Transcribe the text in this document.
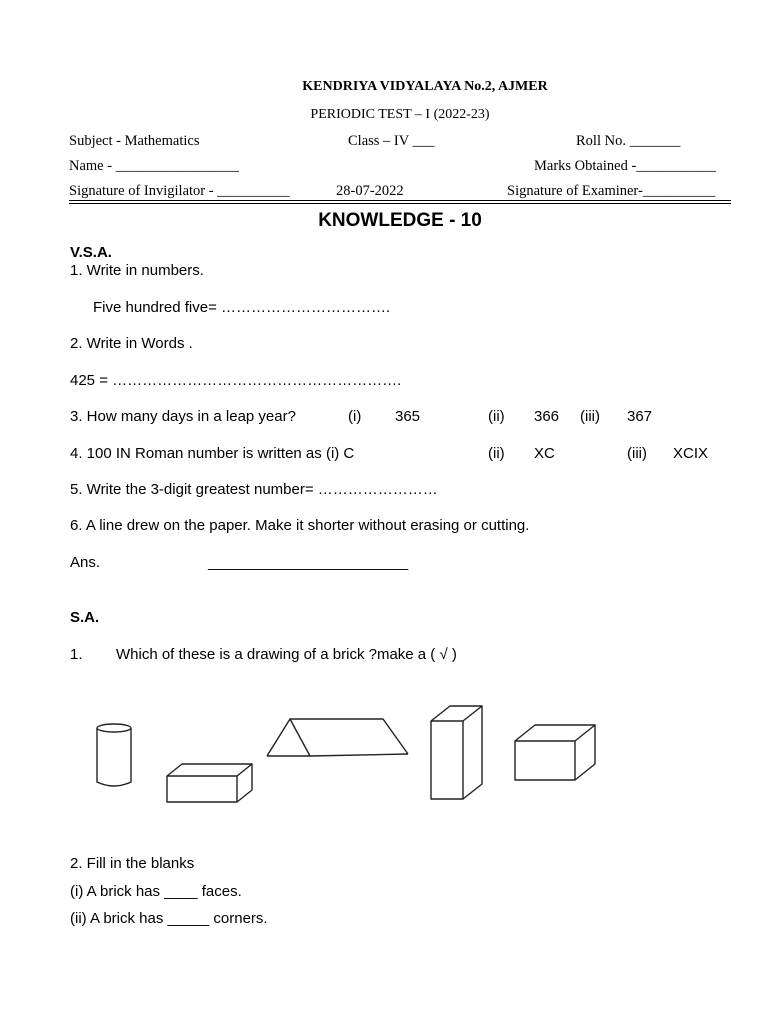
KENDRIYA VIDYALAYA No.2, AJMER
PERIODIC TEST – I (2022-23)
Subject - Mathematics	Class – IV ___	Roll No. _______
Name - _________________	Marks Obtained -___________
Signature of Invigilator - __________	28-07-2022	Signature of Examiner-__________
KNOWLEDGE - 10
V.S.A.
1. Write in numbers.
Five hundred five= …………………………….
2. Write in Words .
425 = ………………………………………………….
3. How many days in a leap year?	(i) 365	(ii) 366 (iii) 367
4. 100 IN Roman number is written as (i) C	(ii) XC	(iii) XCIX
5. Write the 3-digit greatest number= ……………………
6. A line drew on the paper. Make it shorter without erasing or cutting.
Ans.	________________________
S.A.
1. Which of these is a drawing of a brick ?make a ( √ )
2. Fill in the blanks
(i) A brick has ____ faces.
(ii) A brick has _____ corners.
